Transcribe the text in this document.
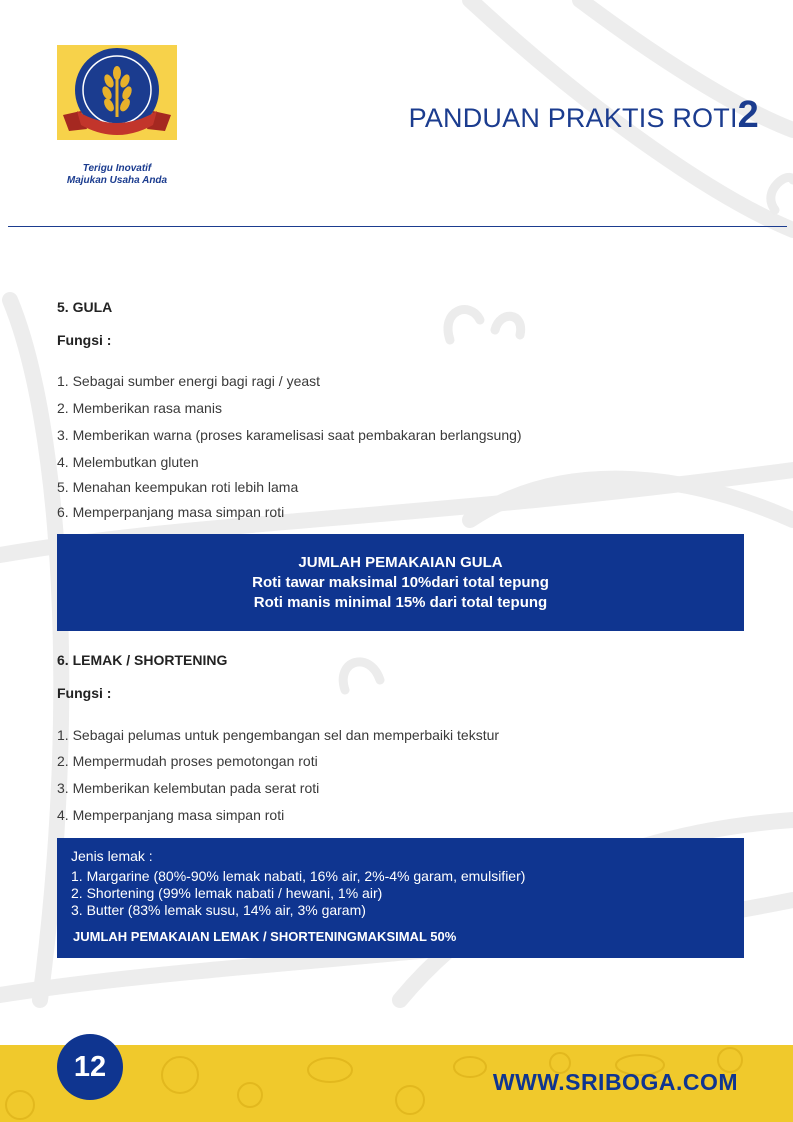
Terigu Inovatif
Majukan Usaha Anda
PANDUAN PRAKTIS ROTI2
5. GULA
Fungsi :
1. Sebagai sumber energi bagi ragi / yeast
2. Memberikan rasa manis
3. Memberikan warna (proses karamelisasi saat pembakaran berlangsung)
4. Melembutkan gluten
5. Menahan keempukan roti lebih lama
6. Memperpanjang masa simpan roti
JUMLAH PEMAKAIAN GULA
Roti tawar maksimal 10%dari total tepung
Roti manis minimal 15% dari total tepung
6. LEMAK / SHORTENING
Fungsi :
1. Sebagai pelumas untuk pengembangan sel dan memperbaiki tekstur
2. Mempermudah proses pemotongan roti
3. Memberikan kelembutan pada serat roti
4. Memperpanjang masa simpan roti
Jenis lemak :
1. Margarine (80%-90% lemak nabati, 16% air, 2%-4% garam, emulsifier)
2. Shortening (99% lemak nabati / hewani, 1% air)
3. Butter (83% lemak susu, 14% air, 3% garam)
JUMLAH PEMAKAIAN LEMAK / SHORTENINGMAKSIMAL 50%
12	WWW.SRIBOGA.COM
